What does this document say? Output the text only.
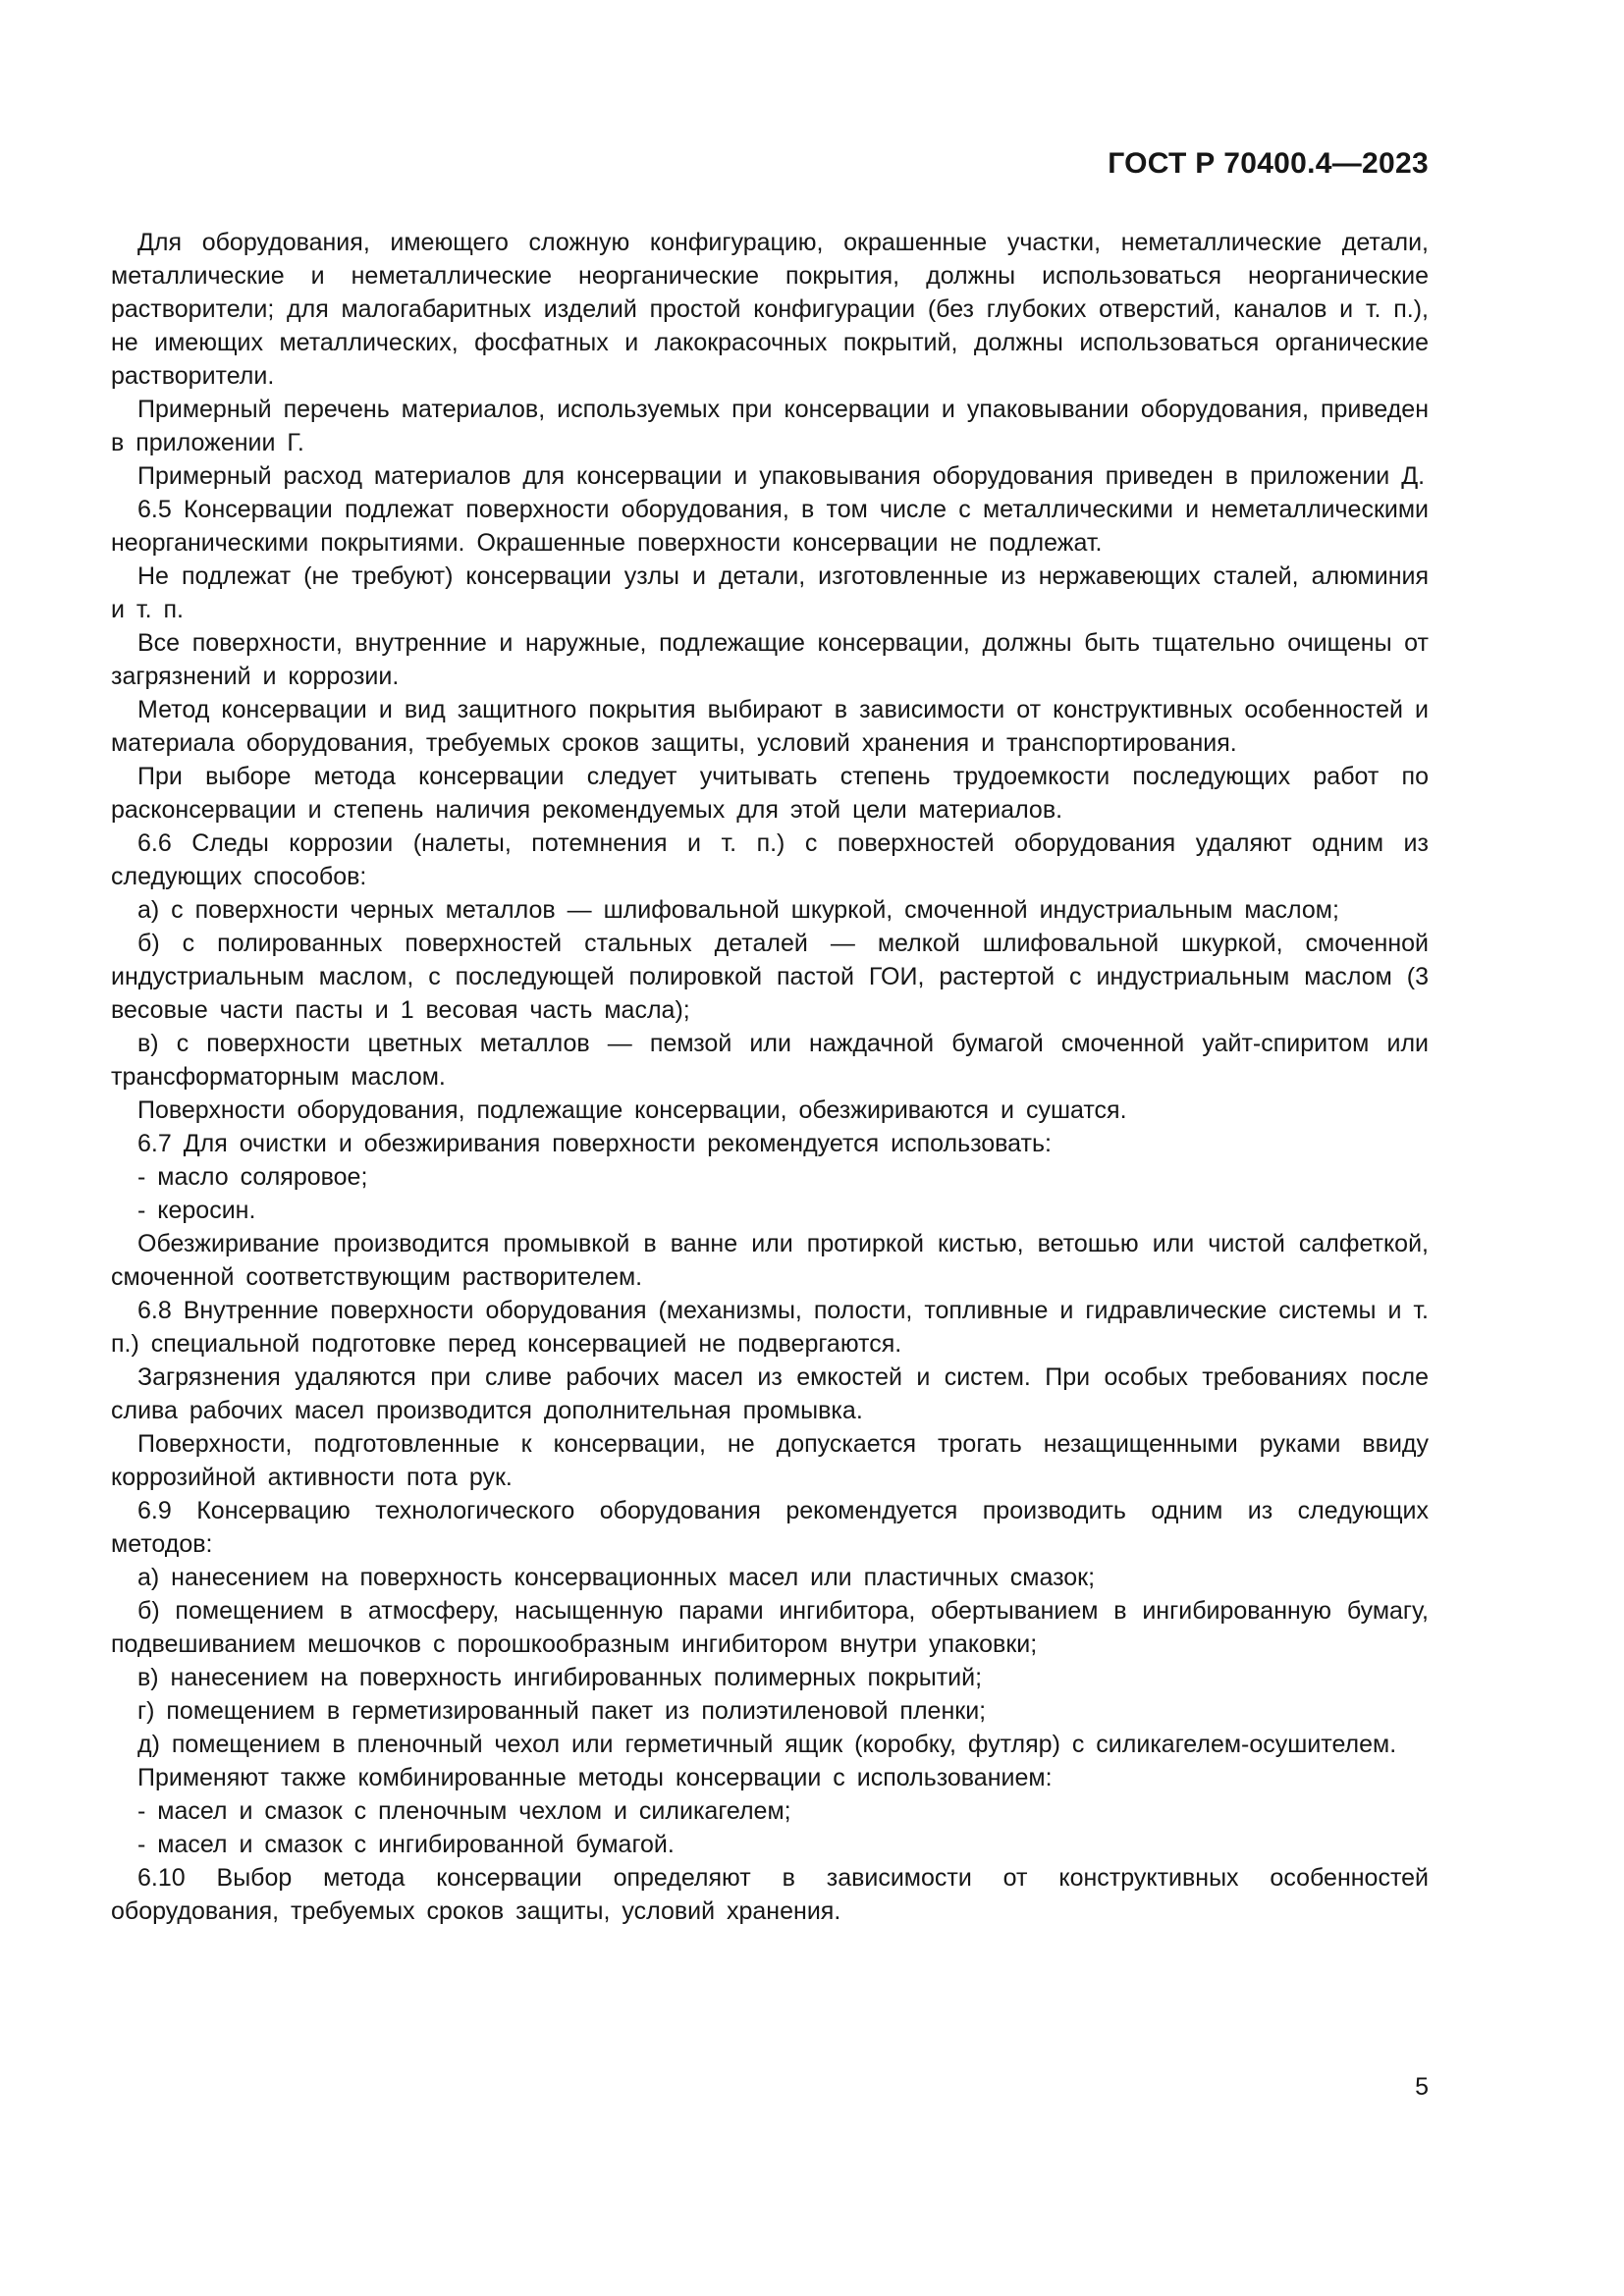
ГОСТ Р 70400.4—2023

Для оборудования, имеющего сложную конфигурацию, окрашенные участки, неметаллические детали, металлические и неметаллические неорганические покрытия, должны использоваться неорганические растворители; для малогабаритных изделий простой конфигурации (без глубоких отверстий, каналов и т. п.), не имеющих металлических, фосфатных и лакокрасочных покрытий, должны использоваться органические растворители.

Примерный перечень материалов, используемых при консервации и упаковывании оборудования, приведен в приложении Г.

Примерный расход материалов для консервации и упаковывания оборудования приведен в приложении Д.

6.5 Консервации подлежат поверхности оборудования, в том числе с металлическими и неметаллическими неорганическими покрытиями. Окрашенные поверхности консервации не подлежат.

Не подлежат (не требуют) консервации узлы и детали, изготовленные из нержавеющих сталей, алюминия и т. п.

Все поверхности, внутренние и наружные, подлежащие консервации, должны быть тщательно очищены от загрязнений и коррозии.

Метод консервации и вид защитного покрытия выбирают в зависимости от конструктивных особенностей и материала оборудования, требуемых сроков защиты, условий хранения и транспортирования.

При выборе метода консервации следует учитывать степень трудоемкости последующих работ по расконсервации и степень наличия рекомендуемых для этой цели материалов.

6.6 Следы коррозии (налеты, потемнения и т. п.) с поверхностей оборудования удаляют одним из следующих способов:

а) с поверхности черных металлов — шлифовальной шкуркой, смоченной индустриальным маслом;

б) с полированных поверхностей стальных деталей — мелкой шлифовальной шкуркой, смоченной индустриальным маслом, с последующей полировкой пастой ГОИ, растертой с индустриальным маслом (3 весовые части пасты и 1 весовая часть масла);

в) с поверхности цветных металлов — пемзой или наждачной бумагой смоченной уайт-спиритом или трансформаторным маслом.

Поверхности оборудования, подлежащие консервации, обезжириваются и сушатся.

6.7 Для очистки и обезжиривания поверхности рекомендуется использовать:

- масло соляровое;

- керосин.

Обезжиривание производится промывкой в ванне или протиркой кистью, ветошью или чистой салфеткой, смоченной соответствующим растворителем.

6.8 Внутренние поверхности оборудования (механизмы, полости, топливные и гидравлические системы и т. п.) специальной подготовке перед консервацией не подвергаются.

Загрязнения удаляются при сливе рабочих масел из емкостей и систем. При особых требованиях после слива рабочих масел производится дополнительная промывка.

Поверхности, подготовленные к консервации, не допускается трогать незащищенными руками ввиду коррозийной активности пота рук.

6.9 Консервацию технологического оборудования рекомендуется производить одним из следующих методов:

а) нанесением на поверхность консервационных масел или пластичных смазок;

б) помещением в атмосферу, насыщенную парами ингибитора, обертыванием в ингибированную бумагу, подвешиванием мешочков с порошкообразным ингибитором внутри упаковки;

в) нанесением на поверхность ингибированных полимерных покрытий;

г) помещением в герметизированный пакет из полиэтиленовой пленки;

д) помещением в пленочный чехол или герметичный ящик (коробку, футляр) с силикагелем-осушителем.

Применяют также комбинированные методы консервации с использованием:

- масел и смазок с пленочным чехлом и силикагелем;

- масел и смазок с ингибированной бумагой.

6.10 Выбор метода консервации определяют в зависимости от конструктивных особенностей оборудования, требуемых сроков защиты, условий хранения.

5
